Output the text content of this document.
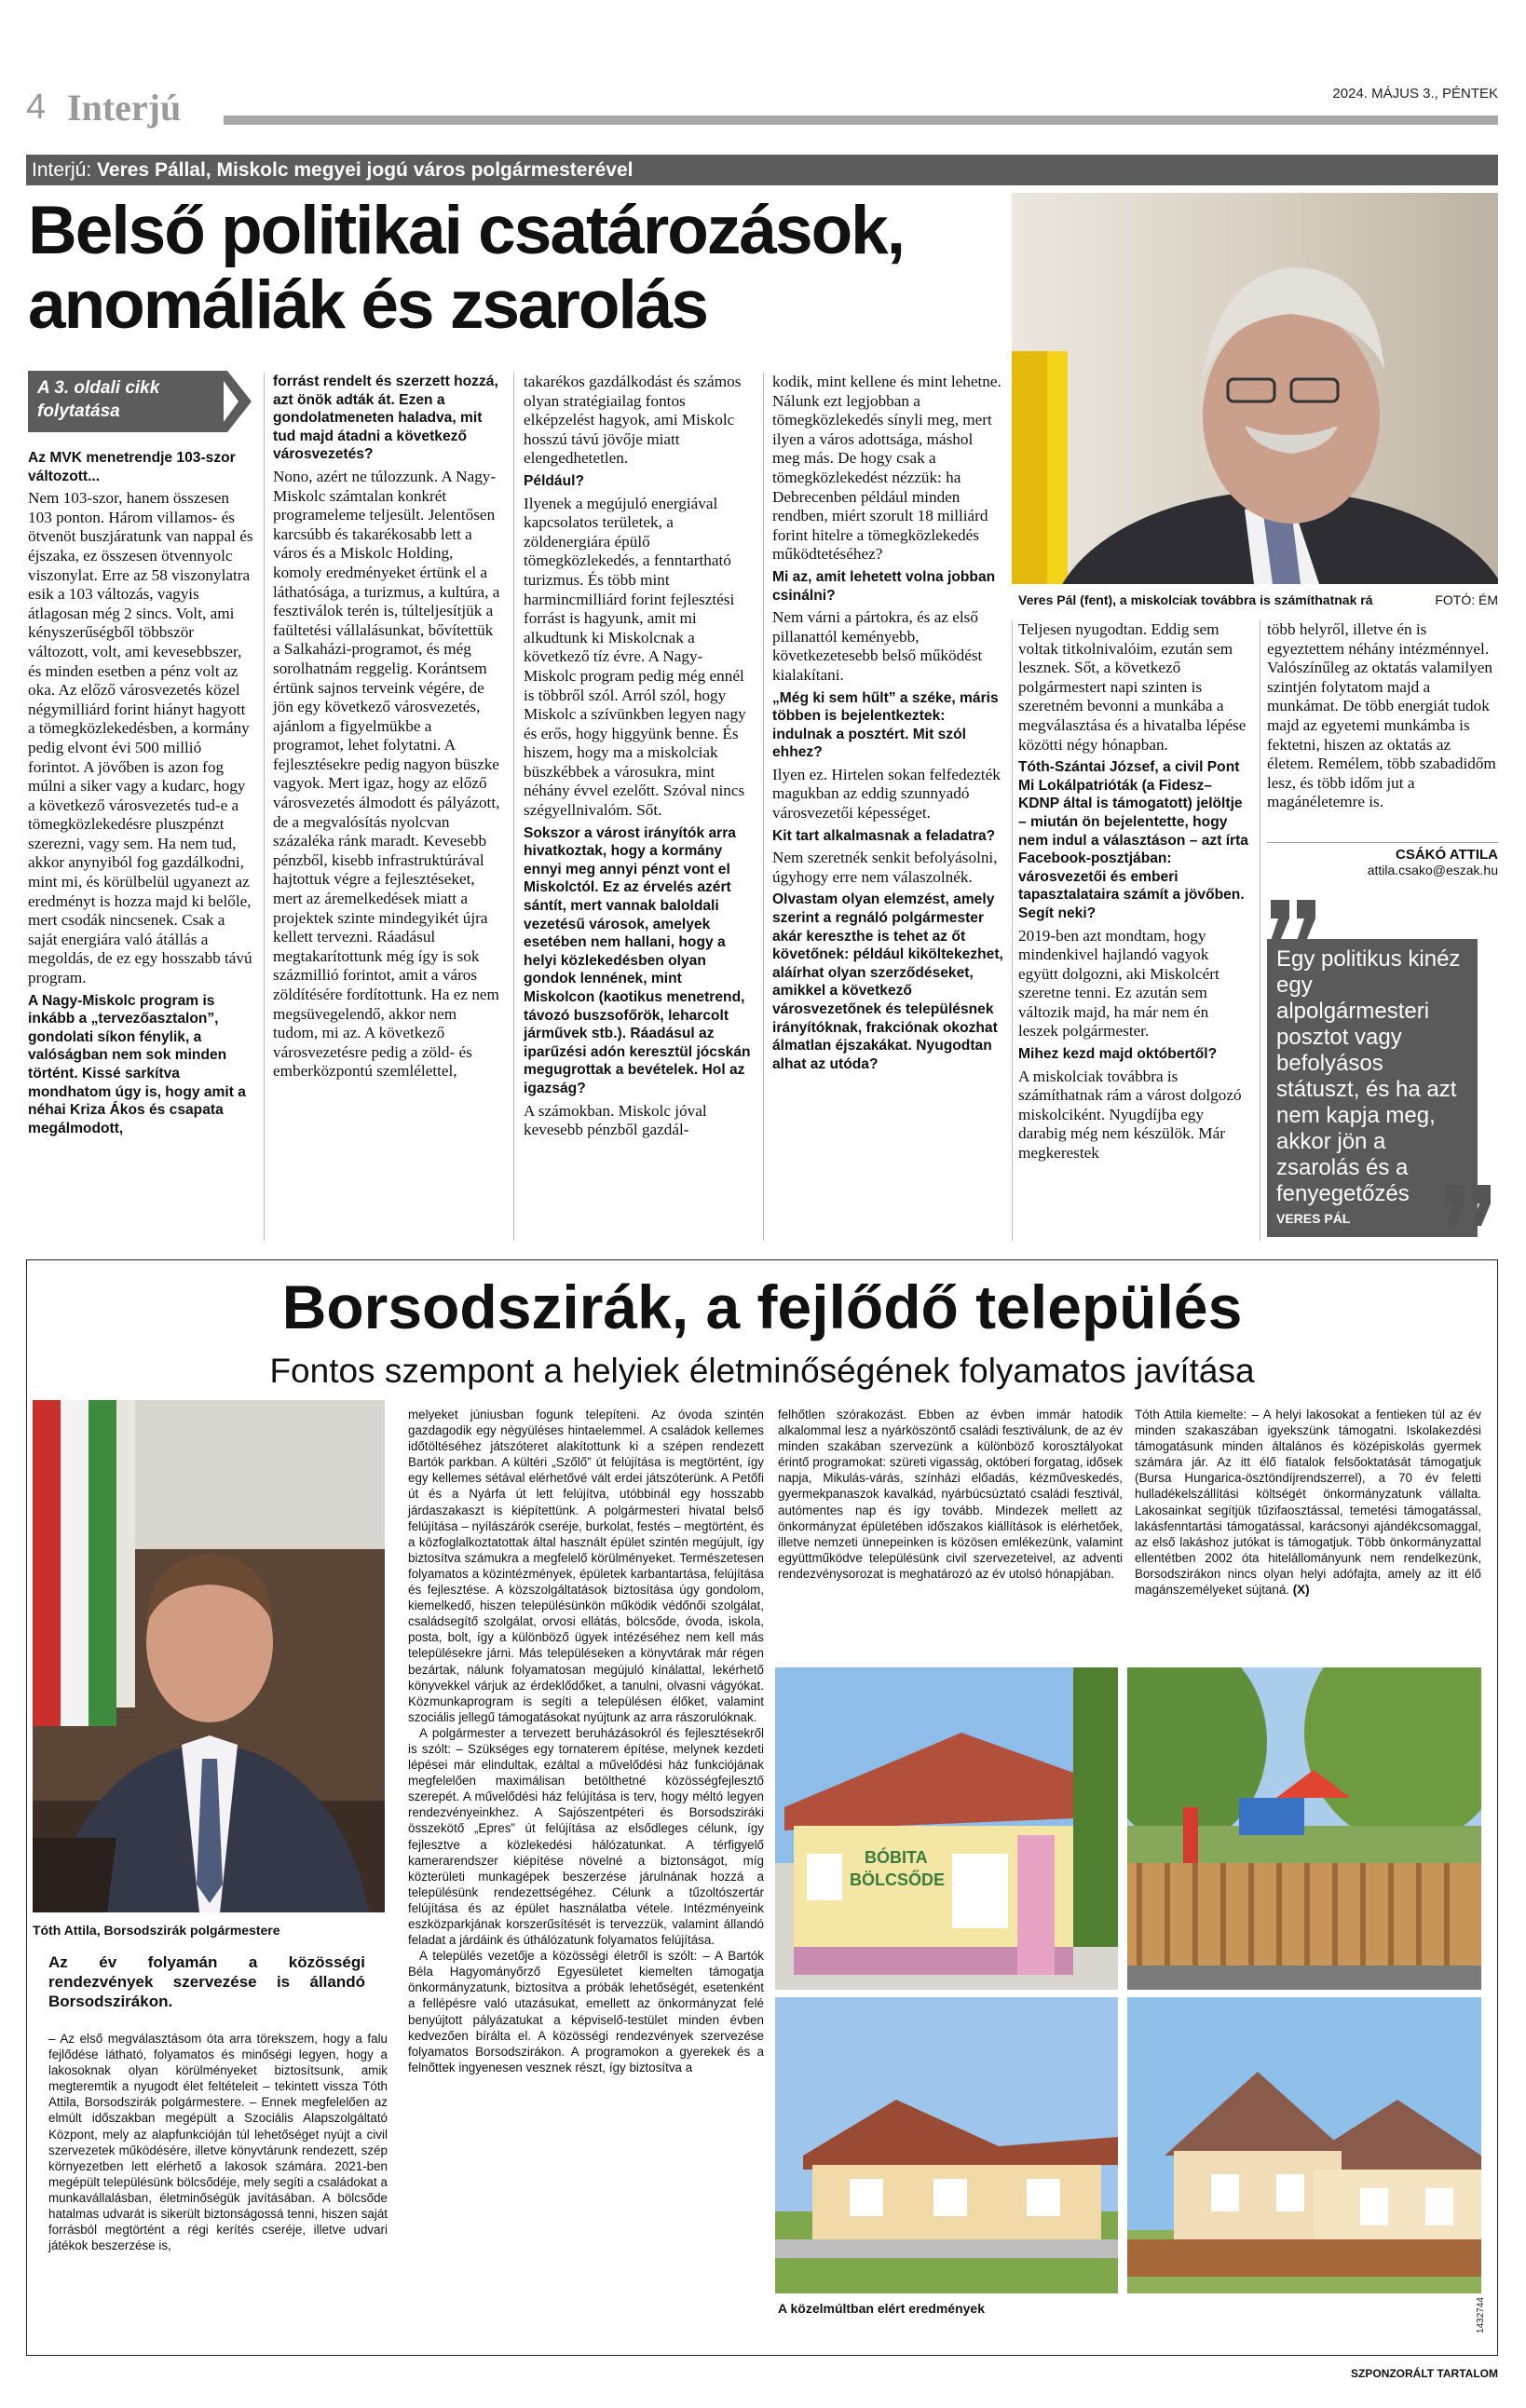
4 Interjú	2024. MÁJUS 3., PÉNTEK
Interjú: Veres Pállal, Miskolc megyei jogú város polgármesterével
Belső politikai csatározások,
anomáliák és zsarolás
A 3. oldali cikk
folytatása

Az MVK menetrendje 103-szor változott...

Nem 103-szor, hanem összesen 103 ponton. Három villamos- és ötvenöt buszjáratunk van nappal és éjszaka, ez összesen ötvennyolc viszonylat. Erre az 58 viszonylatra esik a 103 változás, vagyis átlagosan még 2 sincs. Volt, ami kényszerűségből többször változott, volt, ami kevesebbszer, és minden esetben a pénz volt az oka. Az előző városvezetés közel négymilliárd forint hiányt hagyott a tömegközlekedésben, a kormány pedig elvont évi 500 millió forintot. A jövőben is azon fog múlni a siker vagy a kudarc, hogy a következő városvezetés tud-e a tömegközlekedésre pluszpénzt szerezni, vagy sem. Ha nem tud, akkor anynyiból fog gazdálkodni, mint mi, és körülbelül ugyanezt az eredményt is hozza majd ki belőle, mert csodák nincsenek. Csak a saját energiára való átállás a megoldás, de ez egy hosszabb távú program.

A Nagy-Miskolc program is inkább a „tervezőasztalon”, gondolati síkon fénylik, a valóságban nem sok minden történt. Kissé sarkítva mondhatom úgy is, hogy amit a néhai Kriza Ákos és csapata megálmodott,

forrást rendelt és szerzett hozzá, azt önök adták át. Ezen a gondolatmeneten haladva, mit tud majd átadni a következő városvezetés?

Nono, azért ne túlozzunk. A Nagy-Miskolc számtalan konkrét programeleme teljesült. Jelentősen karcsúbb és takarékosabb lett a város és a Miskolc Holding, komoly eredményeket értünk el a láthatósága, a turizmus, a kultúra, a fesztiválok terén is, túlteljesítjük a faültetési vállalásunkat, bővítettük a Salkaházi-programot, és még sorolhatnám reggelig. Korántsem értünk sajnos terveink végére, de jön egy következő városvezetés, ajánlom a figyelmükbe a programot, lehet folytatni. A fejlesztésekre pedig nagyon büszke vagyok. Mert igaz, hogy az előző városvezetés álmodott és pályázott, de a megvalósítás nyolcvan százaléka ránk maradt. Kevesebb pénzből, kisebb infrastruktúrával hajtottuk végre a fejlesztéseket, mert az áremelkedések miatt a projektek szinte mindegyikét újra kellett tervezni. Ráadásul megtakarítottunk még így is sok százmillió forintot, amit a város zöldítésére fordítottunk. Ha ez nem megsüvegelendő, akkor nem tudom, mi az. A következő városvezetésre pedig a zöld- és emberközpontú szemlélettel,

takarékos gazdálkodást és számos olyan stratégiailag fontos elképzelést hagyok, ami Miskolc hosszú távú jövője miatt elengedhetetlen.

Például?

Ilyenek a megújuló energiával kapcsolatos területek, a zöldenergiára épülő tömegközlekedés, a fenntartható turizmus. És több mint harmincmilliárd forint fejlesztési forrást is hagyunk, amit mi alkudtunk ki Miskolcnak a következő tíz évre. A Nagy-Miskolc program pedig még ennél is többről szól. Arról szól, hogy Miskolc a szívünkben legyen nagy és erős, hogy higgyünk benne. És hiszem, hogy ma a miskolciak büszkébbek a városukra, mint néhány évvel ezelőtt. Szóval nincs szégyellnivalóm. Sőt.

Sokszor a várost irányítók arra hivatkoztak, hogy a kormány ennyi meg annyi pénzt vont el Miskolctól. Ez az érvelés azért sántít, mert vannak baloldali vezetésű városok, amelyek esetében nem hallani, hogy a helyi közlekedésben olyan gondok lennének, mint Miskolcon (kaotikus menetrend, távozó buszsofőrök, leharcolt járművek stb.). Ráadásul az iparűzési adón keresztül jócskán megugrottak a bevételek. Hol az igazság?

A számokban. Miskolc jóval kevesebb pénzből gazdál-

kodik, mint kellene és mint lehetne. Nálunk ezt legjobban a tömegközlekedés sínyli meg, mert ilyen a város adottsága, máshol meg más. De hogy csak a tömegközlekedést nézzük: ha Debrecenben például minden rendben, miért szorult 18 milliárd forint hitelre a tömegközlekedés működtetéséhez?

Mi az, amit lehetett volna jobban csinálni?

Nem várni a pártokra, és az első pillanattól keményebb, következetesebb belső működést kialakítani.

„Még ki sem hűlt” a széke, máris többen is bejelentkeztek: indulnak a posztért. Mit szól ehhez?

Ilyen ez. Hirtelen sokan felfedezték magukban az eddig szunnyadó városvezetői képességet.

Kit tart alkalmasnak a feladatra?

Nem szeretnék senkit befolyásolni, úgyhogy erre nem válaszolnék.

Olvastam olyan elemzést, amely szerint a regnáló polgármester akár kereszthe is tehet az őt követőnek: például kiköltekezhet, aláírhat olyan szerződéseket, amikkel a következő városvezetőnek és településnek irányítóknak, frakciónak okozhat álmatlan éjszakákat. Nyugodtan alhat az utóda?

Teljesen nyugodtan. Eddig sem voltak titkolnivalóim, ezután sem lesznek. Sőt, a következő polgármestert napi szinten is szeretném bevonni a munkába a megválasztása és a hivatalba lépése közötti négy hónapban.

Tóth-Szántai József, a civil Pont Mi Lokálpatrióták (a Fidesz–KDNP által is támogatott) jelöltje – miután ön bejelentette, hogy nem indul a választáson – azt írta Facebook-posztjában: városvezetői és emberi tapasztalataira számít a jövőben. Segít neki?

2019-ben azt mondtam, hogy mindenkivel hajlandó vagyok együtt dolgozni, aki Miskolcért szeretne tenni. Ez azután sem változik majd, ha már nem én leszek polgármester.

Mihez kezd majd októbertől?

A miskolciak továbbra is számíthatnak rám a várost dolgozó miskolciként. Nyugdíjba egy darabig még nem készülök. Már megkerestek

több helyről, illetve én is egyeztettem néhány intézménnyel. Valószínűleg az oktatás valamilyen szintjén folytatom majd a munkámat. De több energiát tudok majd az egyetemi munkámba is fektetni, hiszen az oktatás az életem. Remélem, több szabadidőm lesz, és több időm jut a magánéletemre is.

CSÁKÓ ATTILA
attila.csako@eszak.hu
Veres Pál (fent), a miskolciak továbbra is számíthatnak rá	FOTÓ: ÉM
Egy politikus kinéz egy alpolgármesteri posztot vagy befolyásos státuszt, és ha azt nem kapja meg, akkor jön a zsarolás és a fenyegetőzés
VERES PÁL
Borsodszirák, a fejlődő település
Fontos szempont a helyiek életminőségének folyamatos javítása
Tóth Attila, Borsodszirák polgármestere
Az év folyamán a közösségi rendezvények szervezése is állandó Borsodszirákon.

– Az első megválasztásom óta arra törekszem, hogy a falu fejlődése látható, folyamatos és minőségi legyen, hogy a lakosoknak olyan körülményeket biztosítsunk, amik megteremtik a nyugodt élet feltételeit – tekintett vissza Tóth Attila, Borsodszirák polgármestere. – Ennek megfelelően az elmúlt időszakban megépült a Szociális Alapszolgáltató Központ, mely az alapfunkcióján túl lehetőséget nyújt a civil szervezetek működésére, illetve könyvtárunk rendezett, szép környezetben lett elérhető a lakosok számára. 2021-ben megépült településünk bölcsődéje, mely segíti a családokat a munkavállalásban, életminőségük javításában. A bölcsőde hatalmas udvarát is sikerült biztonságossá tenni, hiszen saját forrásból megtörtént a régi kerítés cseréje, illetve udvari játékok beszerzése is,

melyeket júniusban fogunk telepíteni. Az óvoda szintén gazdagodik egy négyüléses hintaelemmel. A családok kellemes időtöltéséhez játszóteret alakítottunk ki a szépen rendezett Bartók parkban. A kültéri „Szőlő” út felújítása is megtörtént, így egy kellemes sétával elérhetővé vált erdei játszóterünk. A Petőfi út és a Nyárfa út lett felújítva, utóbbinál egy hosszabb járdaszakaszt is kiépítettünk. A polgármesteri hivatal belső felújítása – nyílászárók cseréje, burkolat, festés – megtörtént, és a közfoglalkoztatottak által használt épület szintén megújult, így biztosítva számukra a megfelelő körülményeket. Természetesen folyamatos a közintézmények, épületek karbantartása, felújítása és fejlesztése. A közszolgáltatások biztosítása úgy gondolom, kiemelkedő, hiszen településünkön működik védőnői szolgálat, családsegítő szolgálat, orvosi ellátás, bölcsőde, óvoda, iskola, posta, bolt, így a különböző ügyek intézéséhez nem kell más településekre járni. Más településeken a könyvtárak már régen bezártak, nálunk folyamatosan megújuló kínálattal, lekérhető könyvekkel várjuk az érdeklődőket, a tanulni, olvasni vágyókat. Közmunkaprogram is segíti a településen élőket, valamint szociális jellegű támogatásokat nyújtunk az arra rászorulóknak.

A polgármester a tervezett beruházásokról és fejlesztésekről is szólt: – Szükséges egy tornaterem építése, melynek kezdeti lépései már elindultak, ezáltal a művelődési ház funkciójának megfelelően maximálisan betölthetné közösségfejlesztő szerepét. A művelődési ház felújítása is terv, hogy méltó legyen rendezvényeinkhez. A Sajószentpéteri és Borsodsziráki összekötő „Epres” út felújítása az elsődleges célunk, így fejlesztve a közlekedési hálózatunkat. A térfigyelő kamerarendszer kiépítése növelné a biztonságot, míg közterületi munkagépek beszerzése járulnának hozzá a településünk rendezettségéhez. Célunk a tűzoltószertár felújítása és az épület használatba vétele. Intézményeink eszközparkjának korszerűsítését is tervezzük, valamint állandó feladat a járdáink és úthálózatunk folyamatos felújítása.

A település vezetője a közösségi életről is szólt: – A Bartók Béla Hagyományőrző Egyesületet kiemelten támogatja önkormányzatunk, biztosítva a próbák lehetőségét, esetenként a fellépésre való utazásukat, emellett az önkormányzat felé benyújtott pályázatukat a képviselő-testület minden évben kedvezően bírálta el. A közösségi rendezvények szervezése folyamatos Borsodszirákon. A programokon a gyerekek és a felnőttek ingyenesen vesznek részt, így biztosítva a

felhőtlen szórakozást. Ebben az évben immár hatodik alkalommal lesz a nyárköszöntő családi fesztiválunk, de az év minden szakában szervezünk a különböző korosztályokat érintő programokat: szüreti vigasság, októberi forgatag, idősek napja, Mikulás-várás, színházi előadás, kézműveskedés, gyermekpanaszok kavalkád, nyárbúcsúztató családi fesztivál, autómentes nap és így tovább. Mindezek mellett az önkormányzat épületében időszakos kiállítások is elérhetőek, illetve nemzeti ünnepeinken is közösen emlékezünk, valamint együttműködve településünk civil szervezeteivel, az adventi rendezvénysorozat is meghatározó az év utolsó hónapjában.

Tóth Attila kiemelte: – A helyi lakosokat a fentieken túl az év minden szakaszában igyekszünk támogatni. Iskolakezdési támogatásunk minden általános és középiskolás gyermek számára jár. Az itt élő fiatalok felsőoktatását támogatjuk (Bursa Hungarica-ösztöndíjrendszerrel), a 70 év feletti hulladékelszállítási költségét önkormányzatunk vállalta. Lakosainkat segítjük tűzifaosztással, temetési támogatással, lakásfenntartási támogatással, karácsonyi ajándékcsomaggal, az első lakáshoz jutókat is támogatjuk. Több önkormányzattal ellentétben 2002 óta hitelállományunk nem rendelkezünk, Borsodszirákon nincs olyan helyi adófajta, amely az itt élő magánszemélyeket sújtaná. (X)

BÓBITA
BÖLCSŐDE
A közelmúltban elért eredmények	1432744
SZPONZORÁLT TARTALOM
